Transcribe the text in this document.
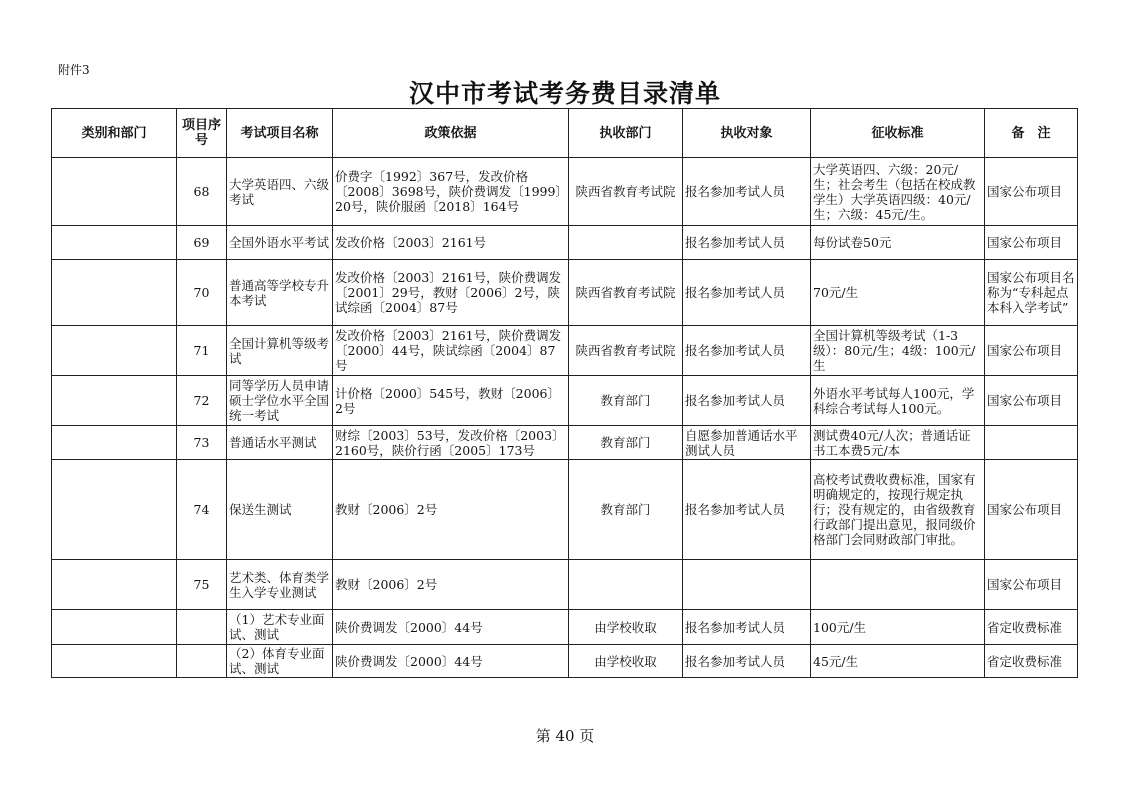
附件3
汉中市考试考务费目录清单
类别和部门	项目序号	考试项目名称	政策依据	执收部门	执收对象	征收标准	备　注
	68	大学英语四、六级考试	价费字〔1992〕367号，发改价格〔2008〕3698号，陕价费调发〔1999〕20号，陕价服函〔2018〕164号	陕西省教育考试院	报名参加考试人员	大学英语四、六级：20元/生；社会考生（包括在校成教学生）大学英语四级：40元/生；六级：45元/生。	国家公布项目
	69	全国外语水平考试	发改价格〔2003〕2161号		报名参加考试人员	每份试卷50元	国家公布项目
	70	普通高等学校专升本考试	发改价格〔2003〕2161号，陕价费调发〔2001〕29号，教财〔2006〕2号，陕试综函〔2004〕87号	陕西省教育考试院	报名参加考试人员	70元/生	国家公布项目名称为“专科起点本科入学考试”
	71	全国计算机等级考试	发改价格〔2003〕2161号，陕价费调发〔2000〕44号，陕试综函〔2004〕87号	陕西省教育考试院	报名参加考试人员	全国计算机等级考试（1-3级）：80元/生；4级：100元/生	国家公布项目
	72	同等学历人员申请硕士学位水平全国统一考试	计价格〔2000〕545号，教财〔2006〕2号	教育部门	报名参加考试人员	外语水平考试每人100元，学科综合考试每人100元。	国家公布项目
	73	普通话水平测试	财综〔2003〕53号，发改价格〔2003〕2160号，陕价行函〔2005〕173号	教育部门	自愿参加普通话水平测试人员	测试费40元/人次；普通话证书工本费5元/本	
	74	保送生测试	教财〔2006〕2号	教育部门	报名参加考试人员	高校考试费收费标准，国家有明确规定的，按现行规定执行；没有规定的，由省级教育行政部门提出意见，报同级价格部门会同财政部门审批。	国家公布项目
	75	艺术类、体育类学生入学专业测试	教财〔2006〕2号				国家公布项目
		（1）艺术专业面试、测试	陕价费调发〔2000〕44号	由学校收取	报名参加考试人员	100元/生	省定收费标准
		（2）体育专业面试、测试	陕价费调发〔2000〕44号	由学校收取	报名参加考试人员	45元/生	省定收费标准
第 40 页
